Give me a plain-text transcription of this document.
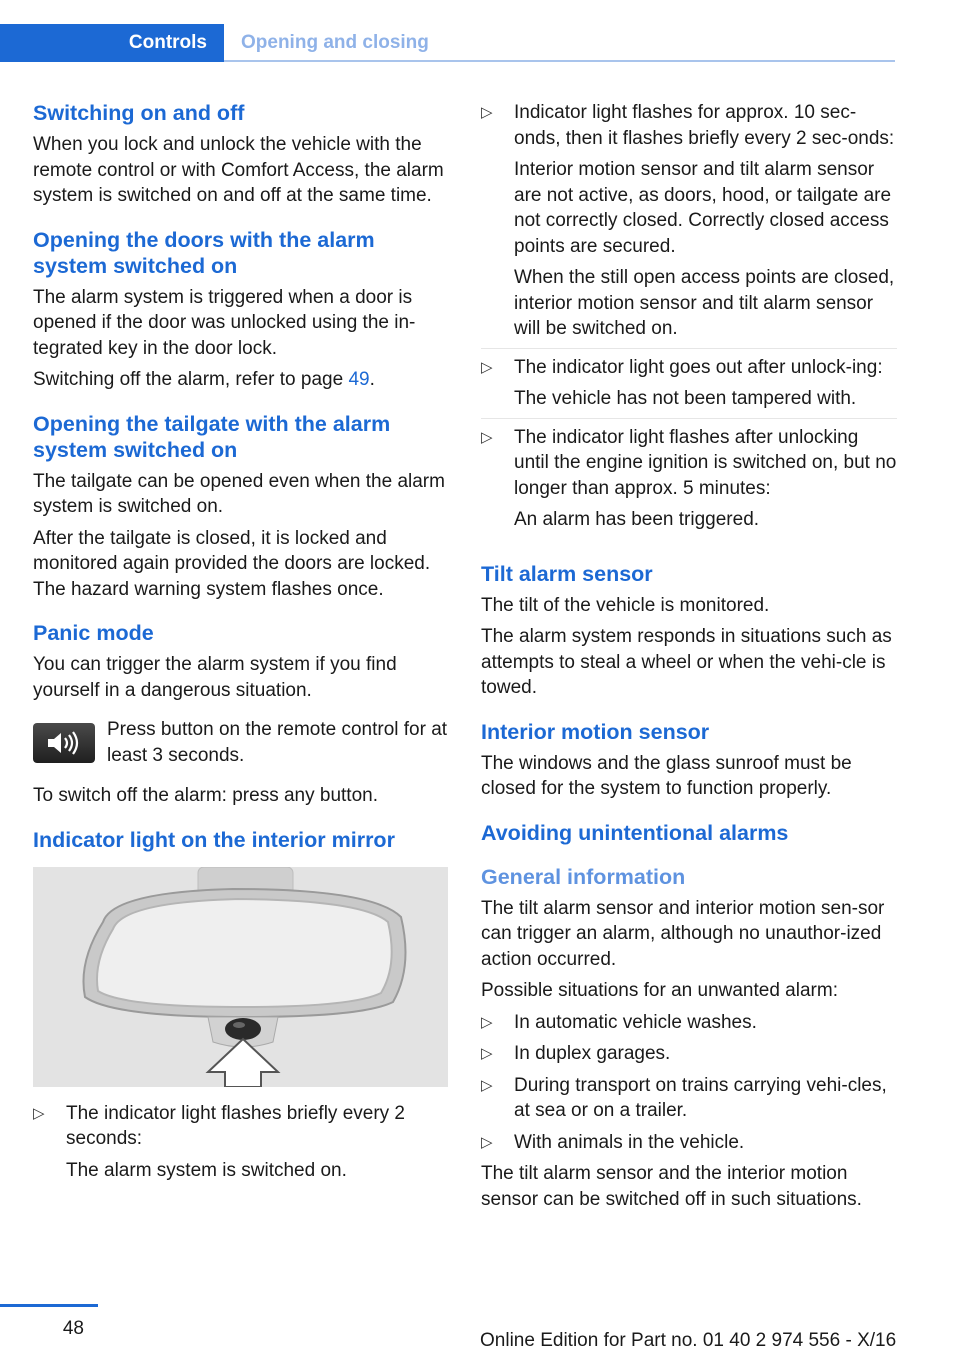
Controls	Opening and closing
Switching on and off

When you lock and unlock the vehicle with the remote control or with Comfort Access, the alarm system is switched on and off at the same time.

Opening the doors with the alarm system switched on

The alarm system is triggered when a door is opened if the door was unlocked using the in‐tegrated key in the door lock.

Switching off the alarm, refer to page 49.

Opening the tailgate with the alarm system switched on

The tailgate can be opened even when the alarm system is switched on.

After the tailgate is closed, it is locked and monitored again provided the doors are locked. The hazard warning system flashes once.

Panic mode

You can trigger the alarm system if you find yourself in a dangerous situation.

Press button on the remote control for at least 3 seconds.

To switch off the alarm: press any button.

Indicator light on the interior mirror
▷ The indicator light flashes briefly every 2 seconds:

The alarm system is switched on.

▷ Indicator light flashes for approx. 10 sec‐onds, then it flashes briefly every 2 sec‐onds:

Interior motion sensor and tilt alarm sensor are not active, as doors, hood, or tailgate are not correctly closed. Correctly closed access points are secured.

When the still open access points are closed, interior motion sensor and tilt alarm sensor will be switched on.

▷ The indicator light goes out after unlock‐ing:

The vehicle has not been tampered with.

▷ The indicator light flashes after unlocking until the engine ignition is switched on, but no longer than approx. 5 minutes:

An alarm has been triggered.

Tilt alarm sensor

The tilt of the vehicle is monitored.

The alarm system responds in situations such as attempts to steal a wheel or when the vehi‐cle is towed.

Interior motion sensor

The windows and the glass sunroof must be closed for the system to function properly.

Avoiding unintentional alarms
General information

The tilt alarm sensor and interior motion sen‐sor can trigger an alarm, although no unauthor‐ized action occurred.

Possible situations for an unwanted alarm:

▷ In automatic vehicle washes.

▷ In duplex garages.

▷ During transport on trains carrying vehi‐cles, at sea or on a trailer.

▷ With animals in the vehicle.

The tilt alarm sensor and the interior motion sensor can be switched off in such situations.

48
Online Edition for Part no. 01 40 2 974 556 - X/16
